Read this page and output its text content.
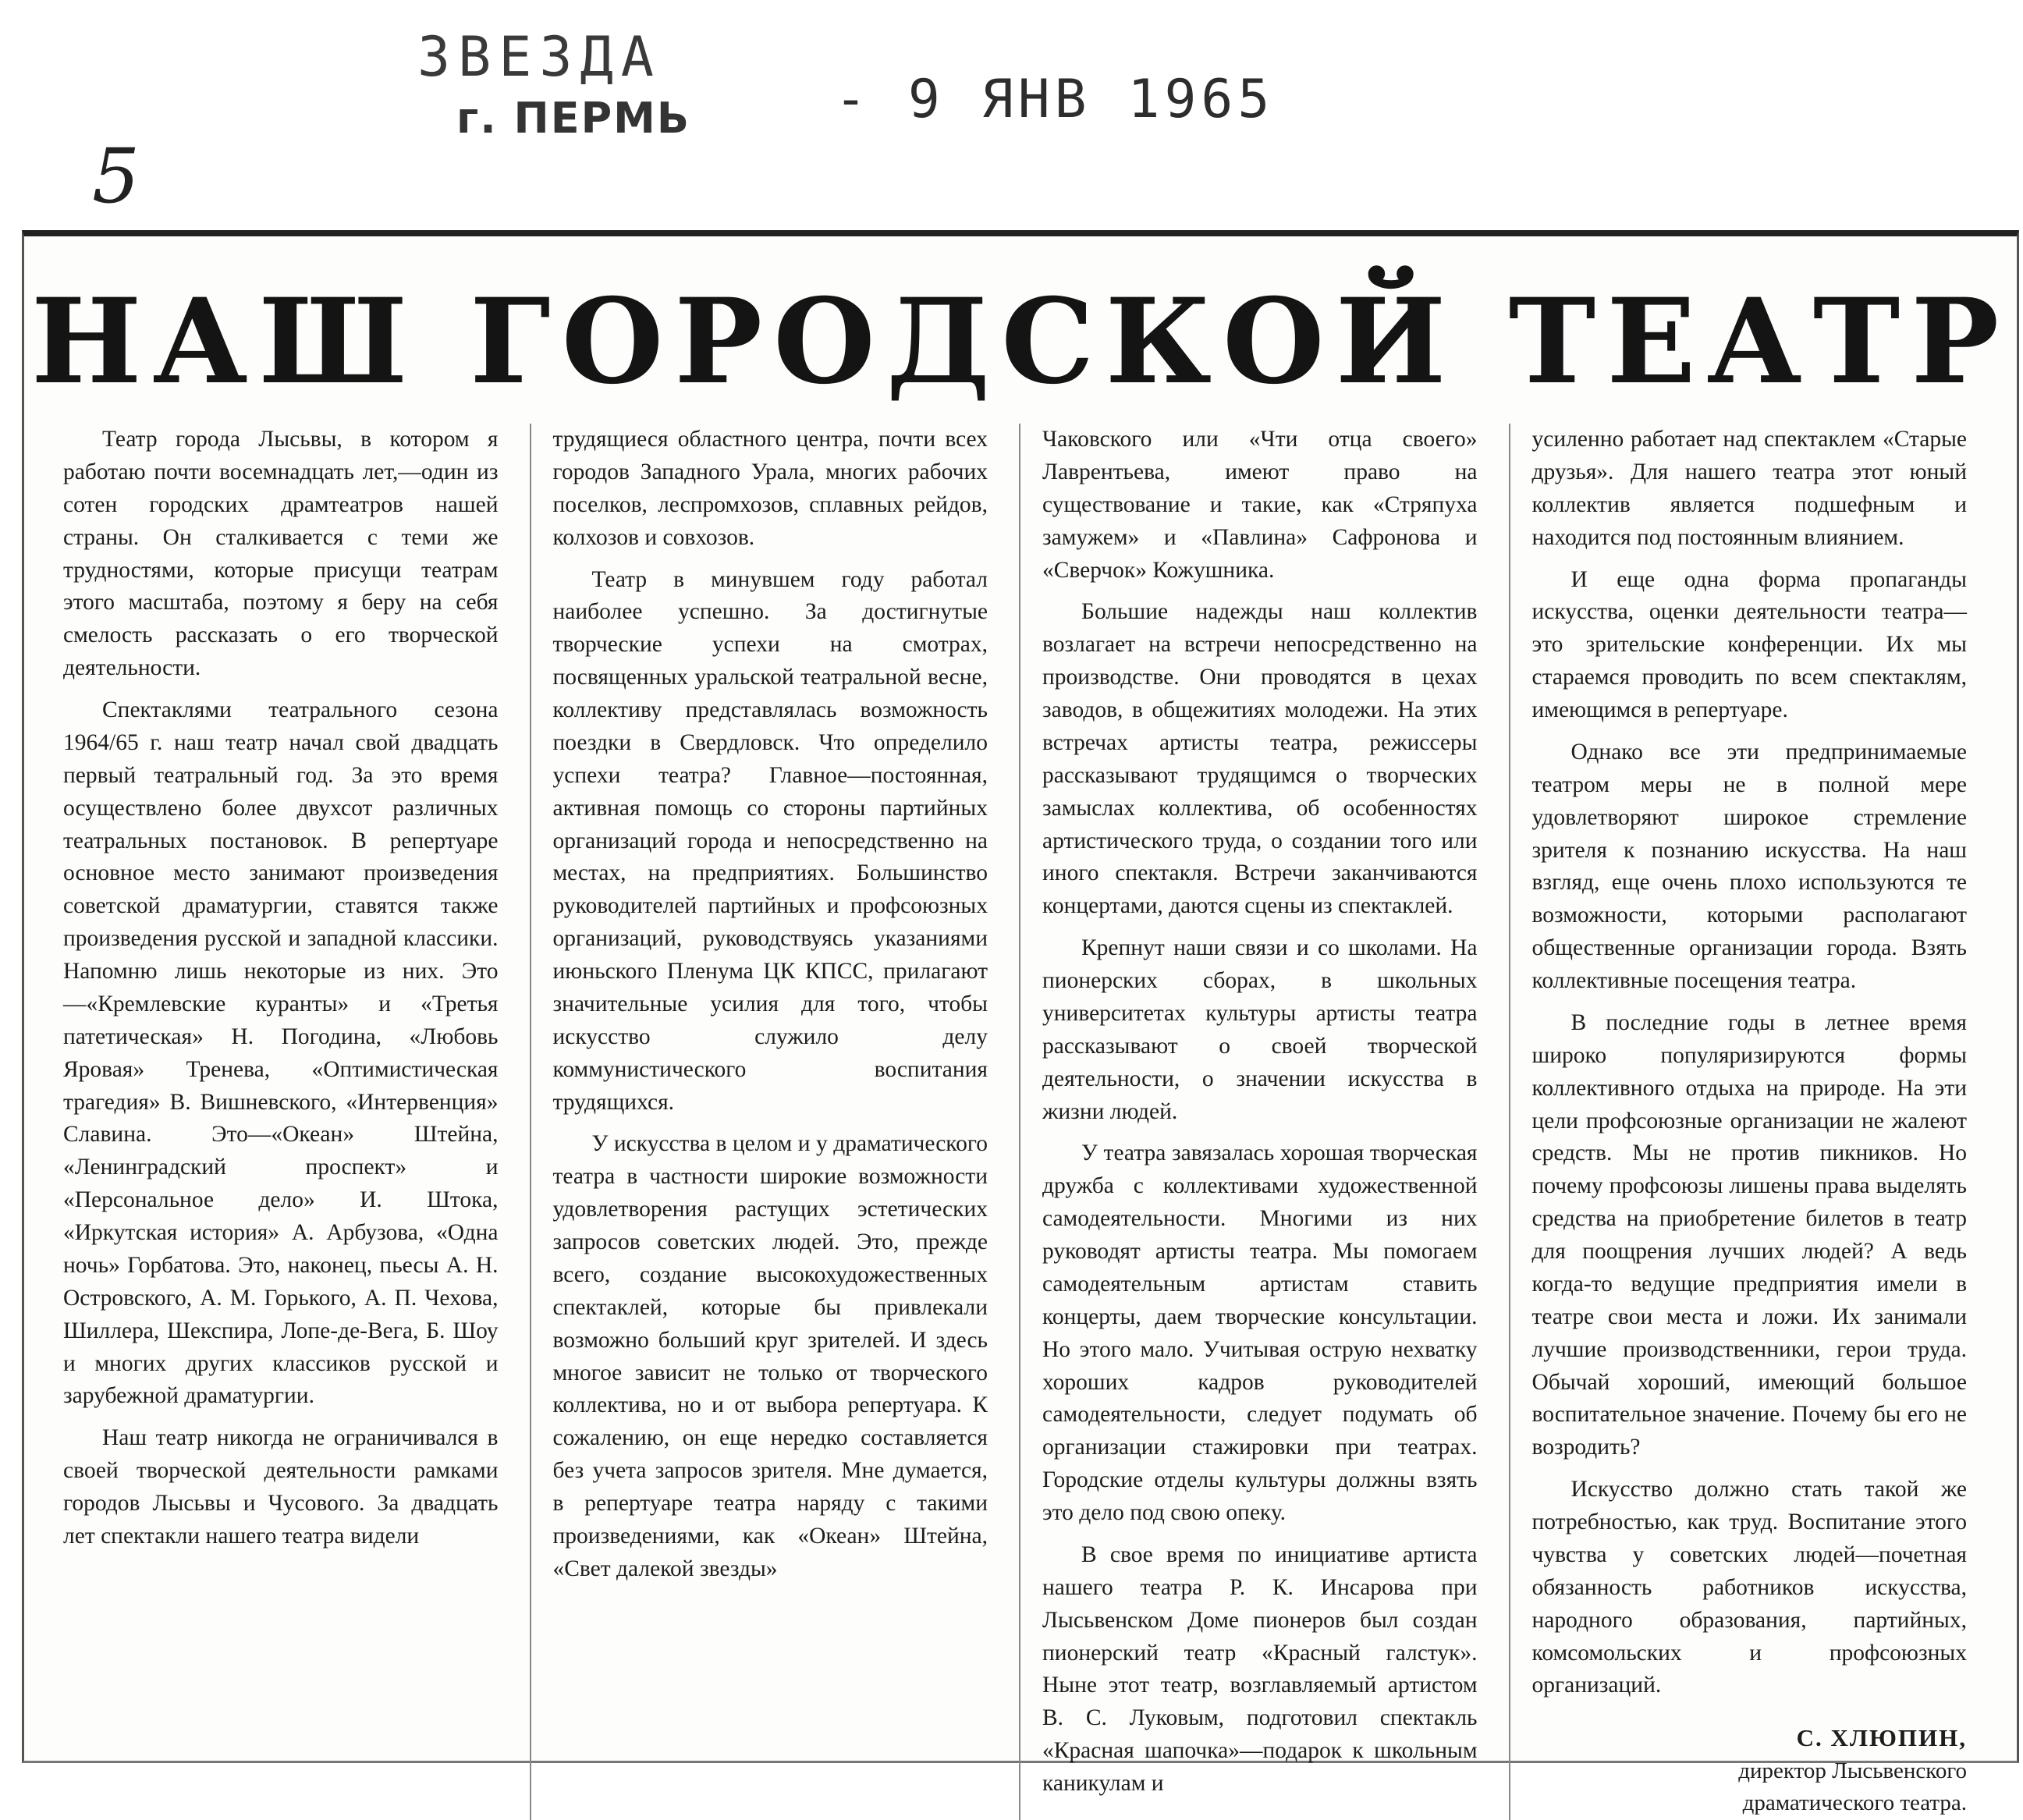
ЗВЕЗДА
г. ПЕРМЬ	- 9 ЯНВ 1965
5
НАШ ГОРОДСКОЙ ТЕАТР

Театр города Лысьвы, в котором я работаю почти восемнадцать лет,—один из сотен городских драмтеатров нашей страны. Он сталкивается с теми же трудностями, которые присущи театрам этого масштаба, поэтому я беру на себя смелость рассказать о его творческой деятельности.

Спектаклями театрального сезона 1964/65 г. наш театр начал свой двадцать первый театральный год. За это время осуществлено более двухсот различных театральных постановок. В репертуаре основное место занимают произведения советской драматургии, ставятся также произведения русской и западной классики. Напомню лишь некоторые из них. Это—«Кремлевские куранты» и «Третья патетическая» Н. Погодина, «Любовь Яровая» Тренева, «Оптимистическая трагедия» В. Вишневского, «Интервенция» Славина. Это—«Океан» Штейна, «Ленинградский проспект» и «Персональное дело» И. Штока, «Иркутская история» А. Арбузова, «Одна ночь» Горбатова. Это, наконец, пьесы А. Н. Островского, А. М. Горького, А. П. Чехова, Шиллера, Шекспира, Лопе-де-Вега, Б. Шоу и многих других классиков русской и зарубежной драматургии.

Наш театр никогда не ограничивался в своей творческой деятельности рамками городов Лысьвы и Чусового. За двадцать лет спектакли нашего театра видели

трудящиеся областного центра, почти всех городов Западного Урала, многих рабочих поселков, леспромхозов, сплавных рейдов, колхозов и совхозов.

Театр в минувшем году работал наиболее успешно. За достигнутые творческие успехи на смотрах, посвященных уральской театральной весне, коллективу представлялась возможность поездки в Свердловск. Что определило успехи театра? Главное—постоянная, активная помощь со стороны партийных организаций города и непосредственно на местах, на предприятиях. Большинство руководителей партийных и профсоюзных организаций, руководствуясь указаниями июньского Пленума ЦК КПСС, прилагают значительные усилия для того, чтобы искусство служило делу коммунистического воспитания трудящихся.

У искусства в целом и у драматического театра в частности широкие возможности удовлетворения растущих эстетических запросов советских людей. Это, прежде всего, создание высокохудожественных спектаклей, которые бы привлекали возможно больший круг зрителей. И здесь многое зависит не только от творческого коллектива, но и от выбора репертуара. К сожалению, он еще нередко составляется без учета запросов зрителя. Мне думается, в репертуаре театра наряду с такими произведениями, как «Океан» Штейна, «Свет далекой звезды»

Чаковского или «Чти отца своего» Лаврентьева, имеют право на существование и такие, как «Стряпуха замужем» и «Павлина» Сафронова и «Сверчок» Кожушника.

Большие надежды наш коллектив возлагает на встречи непосредственно на производстве. Они проводятся в цехах заводов, в общежитиях молодежи. На этих встречах артисты театра, режиссеры рассказывают трудящимся о творческих замыслах коллектива, об особенностях артистического труда, о создании того или иного спектакля. Встречи заканчиваются концертами, даются сцены из спектаклей.

Крепнут наши связи и со школами. На пионерских сборах, в школьных университетах культуры артисты театра рассказывают о своей творческой деятельности, о значении искусства в жизни людей.

У театра завязалась хорошая творческая дружба с коллективами художественной самодеятельности. Многими из них руководят артисты театра. Мы помогаем самодеятельным артистам ставить концерты, даем творческие консультации. Но этого мало. Учитывая острую нехватку хороших кадров руководителей самодеятельности, следует подумать об организации стажировки при театрах. Городские отделы культуры должны взять это дело под свою опеку.

В свое время по инициативе артиста нашего театра Р. К. Инсарова при Лысьвенском Доме пионеров был создан пионерский театр «Красный галстук». Ныне этот театр, возглавляемый артистом В. С. Луковым, подготовил спектакль «Красная шапочка»—подарок к школьным каникулам и

усиленно работает над спектаклем «Старые друзья». Для нашего театра этот юный коллектив является подшефным и находится под постоянным влиянием.

И еще одна форма пропаганды искусства, оценки деятельности театра—это зрительские конференции. Их мы стараемся проводить по всем спектаклям, имеющимся в репертуаре.

Однако все эти предпринимаемые театром меры не в полной мере удовлетворяют широкое стремление зрителя к познанию искусства. На наш взгляд, еще очень плохо используются те возможности, которыми располагают общественные организации города. Взять коллективные посещения театра.

В последние годы в летнее время широко популяризируются формы коллективного отдыха на природе. На эти цели профсоюзные организации не жалеют средств. Мы не против пикников. Но почему профсоюзы лишены права выделять средства на приобретение билетов в театр для поощрения лучших людей? А ведь когда-то ведущие предприятия имели в театре свои места и ложи. Их занимали лучшие производственники, герои труда. Обычай хороший, имеющий большое воспитательное значение. Почему бы его не возродить?

Искусство должно стать такой же потребностью, как труд. Воспитание этого чувства у советских людей—почетная обязанность работников искусства, народного образования, партийных, комсомольских и профсоюзных организаций.

С. ХЛЮПИН,
директор Лысьвенского
драматического театра.
